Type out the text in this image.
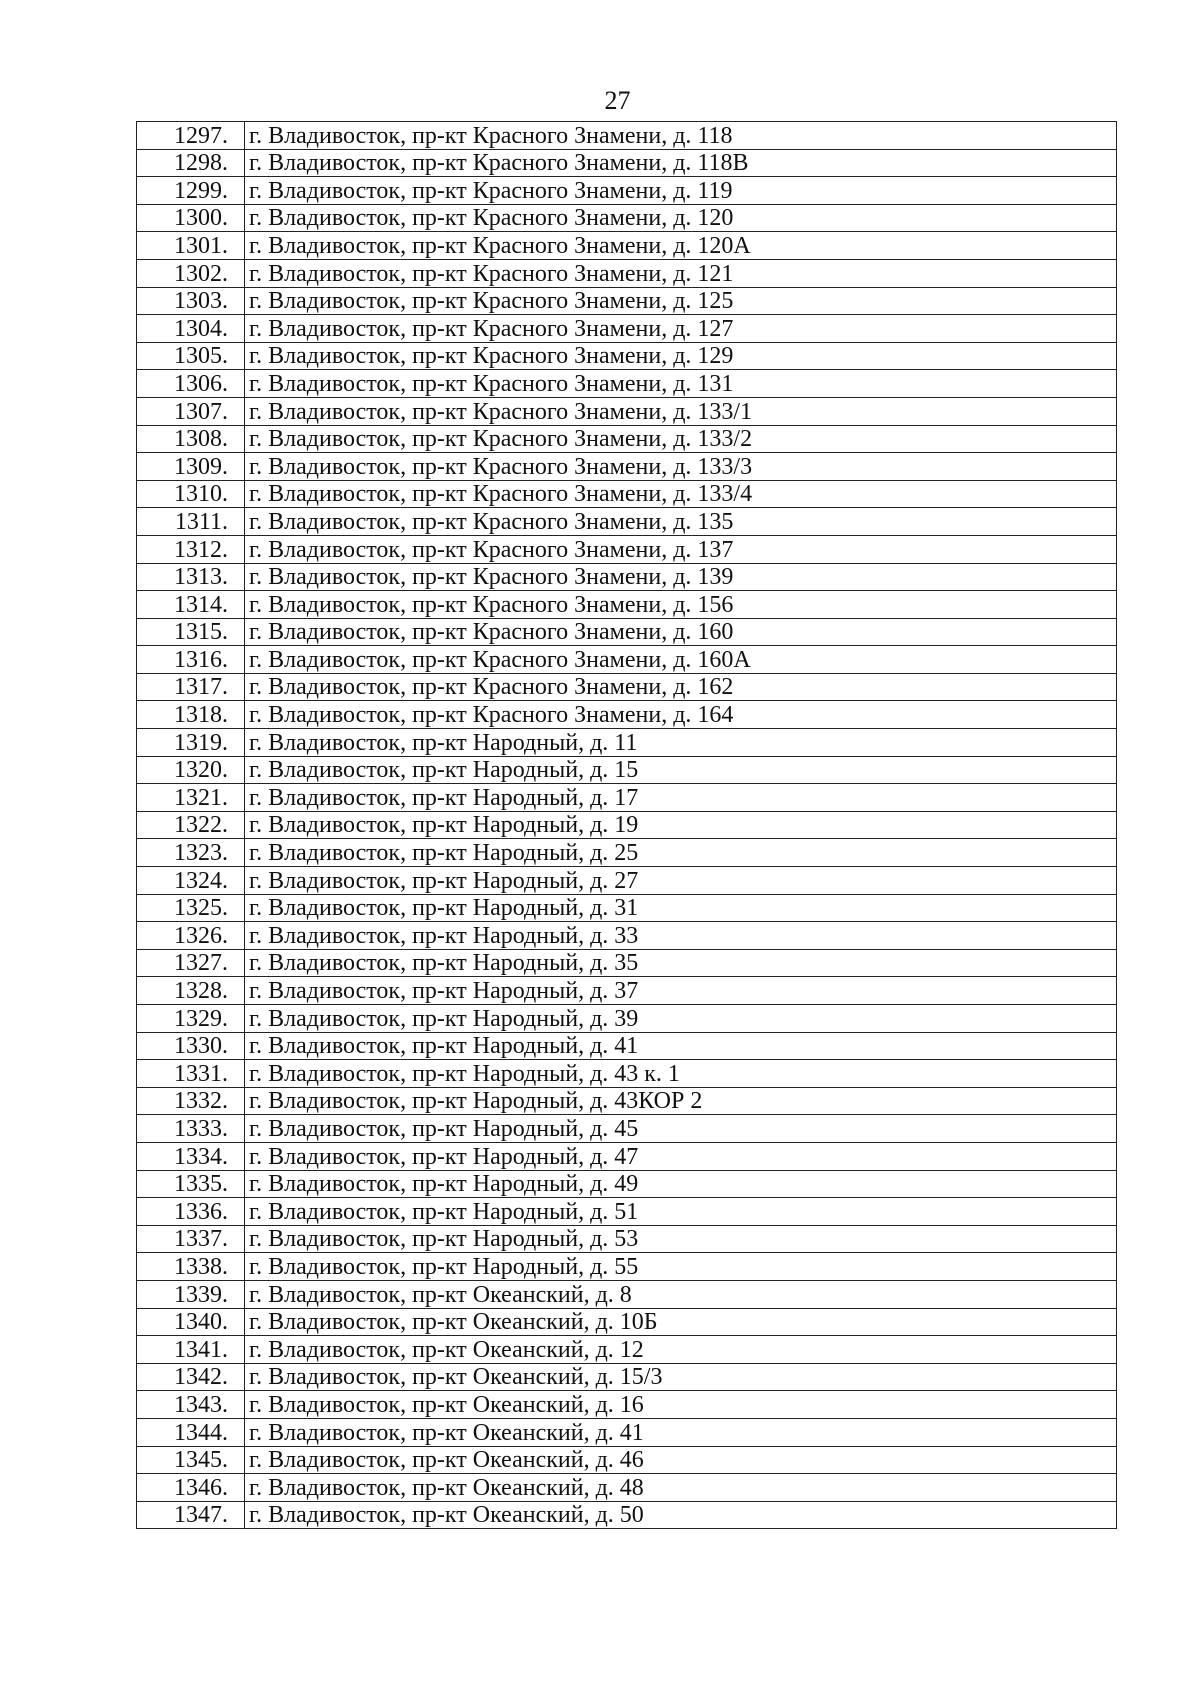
27
1297.	г. Владивосток, пр-кт Красного Знамени, д. 118
1298.	г. Владивосток, пр-кт Красного Знамени, д. 118В
1299.	г. Владивосток, пр-кт Красного Знамени, д. 119
1300.	г. Владивосток, пр-кт Красного Знамени, д. 120
1301.	г. Владивосток, пр-кт Красного Знамени, д. 120А
1302.	г. Владивосток, пр-кт Красного Знамени, д. 121
1303.	г. Владивосток, пр-кт Красного Знамени, д. 125
1304.	г. Владивосток, пр-кт Красного Знамени, д. 127
1305.	г. Владивосток, пр-кт Красного Знамени, д. 129
1306.	г. Владивосток, пр-кт Красного Знамени, д. 131
1307.	г. Владивосток, пр-кт Красного Знамени, д. 133/1
1308.	г. Владивосток, пр-кт Красного Знамени, д. 133/2
1309.	г. Владивосток, пр-кт Красного Знамени, д. 133/3
1310.	г. Владивосток, пр-кт Красного Знамени, д. 133/4
1311.	г. Владивосток, пр-кт Красного Знамени, д. 135
1312.	г. Владивосток, пр-кт Красного Знамени, д. 137
1313.	г. Владивосток, пр-кт Красного Знамени, д. 139
1314.	г. Владивосток, пр-кт Красного Знамени, д. 156
1315.	г. Владивосток, пр-кт Красного Знамени, д. 160
1316.	г. Владивосток, пр-кт Красного Знамени, д. 160А
1317.	г. Владивосток, пр-кт Красного Знамени, д. 162
1318.	г. Владивосток, пр-кт Красного Знамени, д. 164
1319.	г. Владивосток, пр-кт Народный, д. 11
1320.	г. Владивосток, пр-кт Народный, д. 15
1321.	г. Владивосток, пр-кт Народный, д. 17
1322.	г. Владивосток, пр-кт Народный, д. 19
1323.	г. Владивосток, пр-кт Народный, д. 25
1324.	г. Владивосток, пр-кт Народный, д. 27
1325.	г. Владивосток, пр-кт Народный, д. 31
1326.	г. Владивосток, пр-кт Народный, д. 33
1327.	г. Владивосток, пр-кт Народный, д. 35
1328.	г. Владивосток, пр-кт Народный, д. 37
1329.	г. Владивосток, пр-кт Народный, д. 39
1330.	г. Владивосток, пр-кт Народный, д. 41
1331.	г. Владивосток, пр-кт Народный, д. 43 к. 1
1332.	г. Владивосток, пр-кт Народный, д. 43КОР 2
1333.	г. Владивосток, пр-кт Народный, д. 45
1334.	г. Владивосток, пр-кт Народный, д. 47
1335.	г. Владивосток, пр-кт Народный, д. 49
1336.	г. Владивосток, пр-кт Народный, д. 51
1337.	г. Владивосток, пр-кт Народный, д. 53
1338.	г. Владивосток, пр-кт Народный, д. 55
1339.	г. Владивосток, пр-кт Океанский, д. 8
1340.	г. Владивосток, пр-кт Океанский, д. 10Б
1341.	г. Владивосток, пр-кт Океанский, д. 12
1342.	г. Владивосток, пр-кт Океанский, д. 15/3
1343.	г. Владивосток, пр-кт Океанский, д. 16
1344.	г. Владивосток, пр-кт Океанский, д. 41
1345.	г. Владивосток, пр-кт Океанский, д. 46
1346.	г. Владивосток, пр-кт Океанский, д. 48
1347.	г. Владивосток, пр-кт Океанский, д. 50
